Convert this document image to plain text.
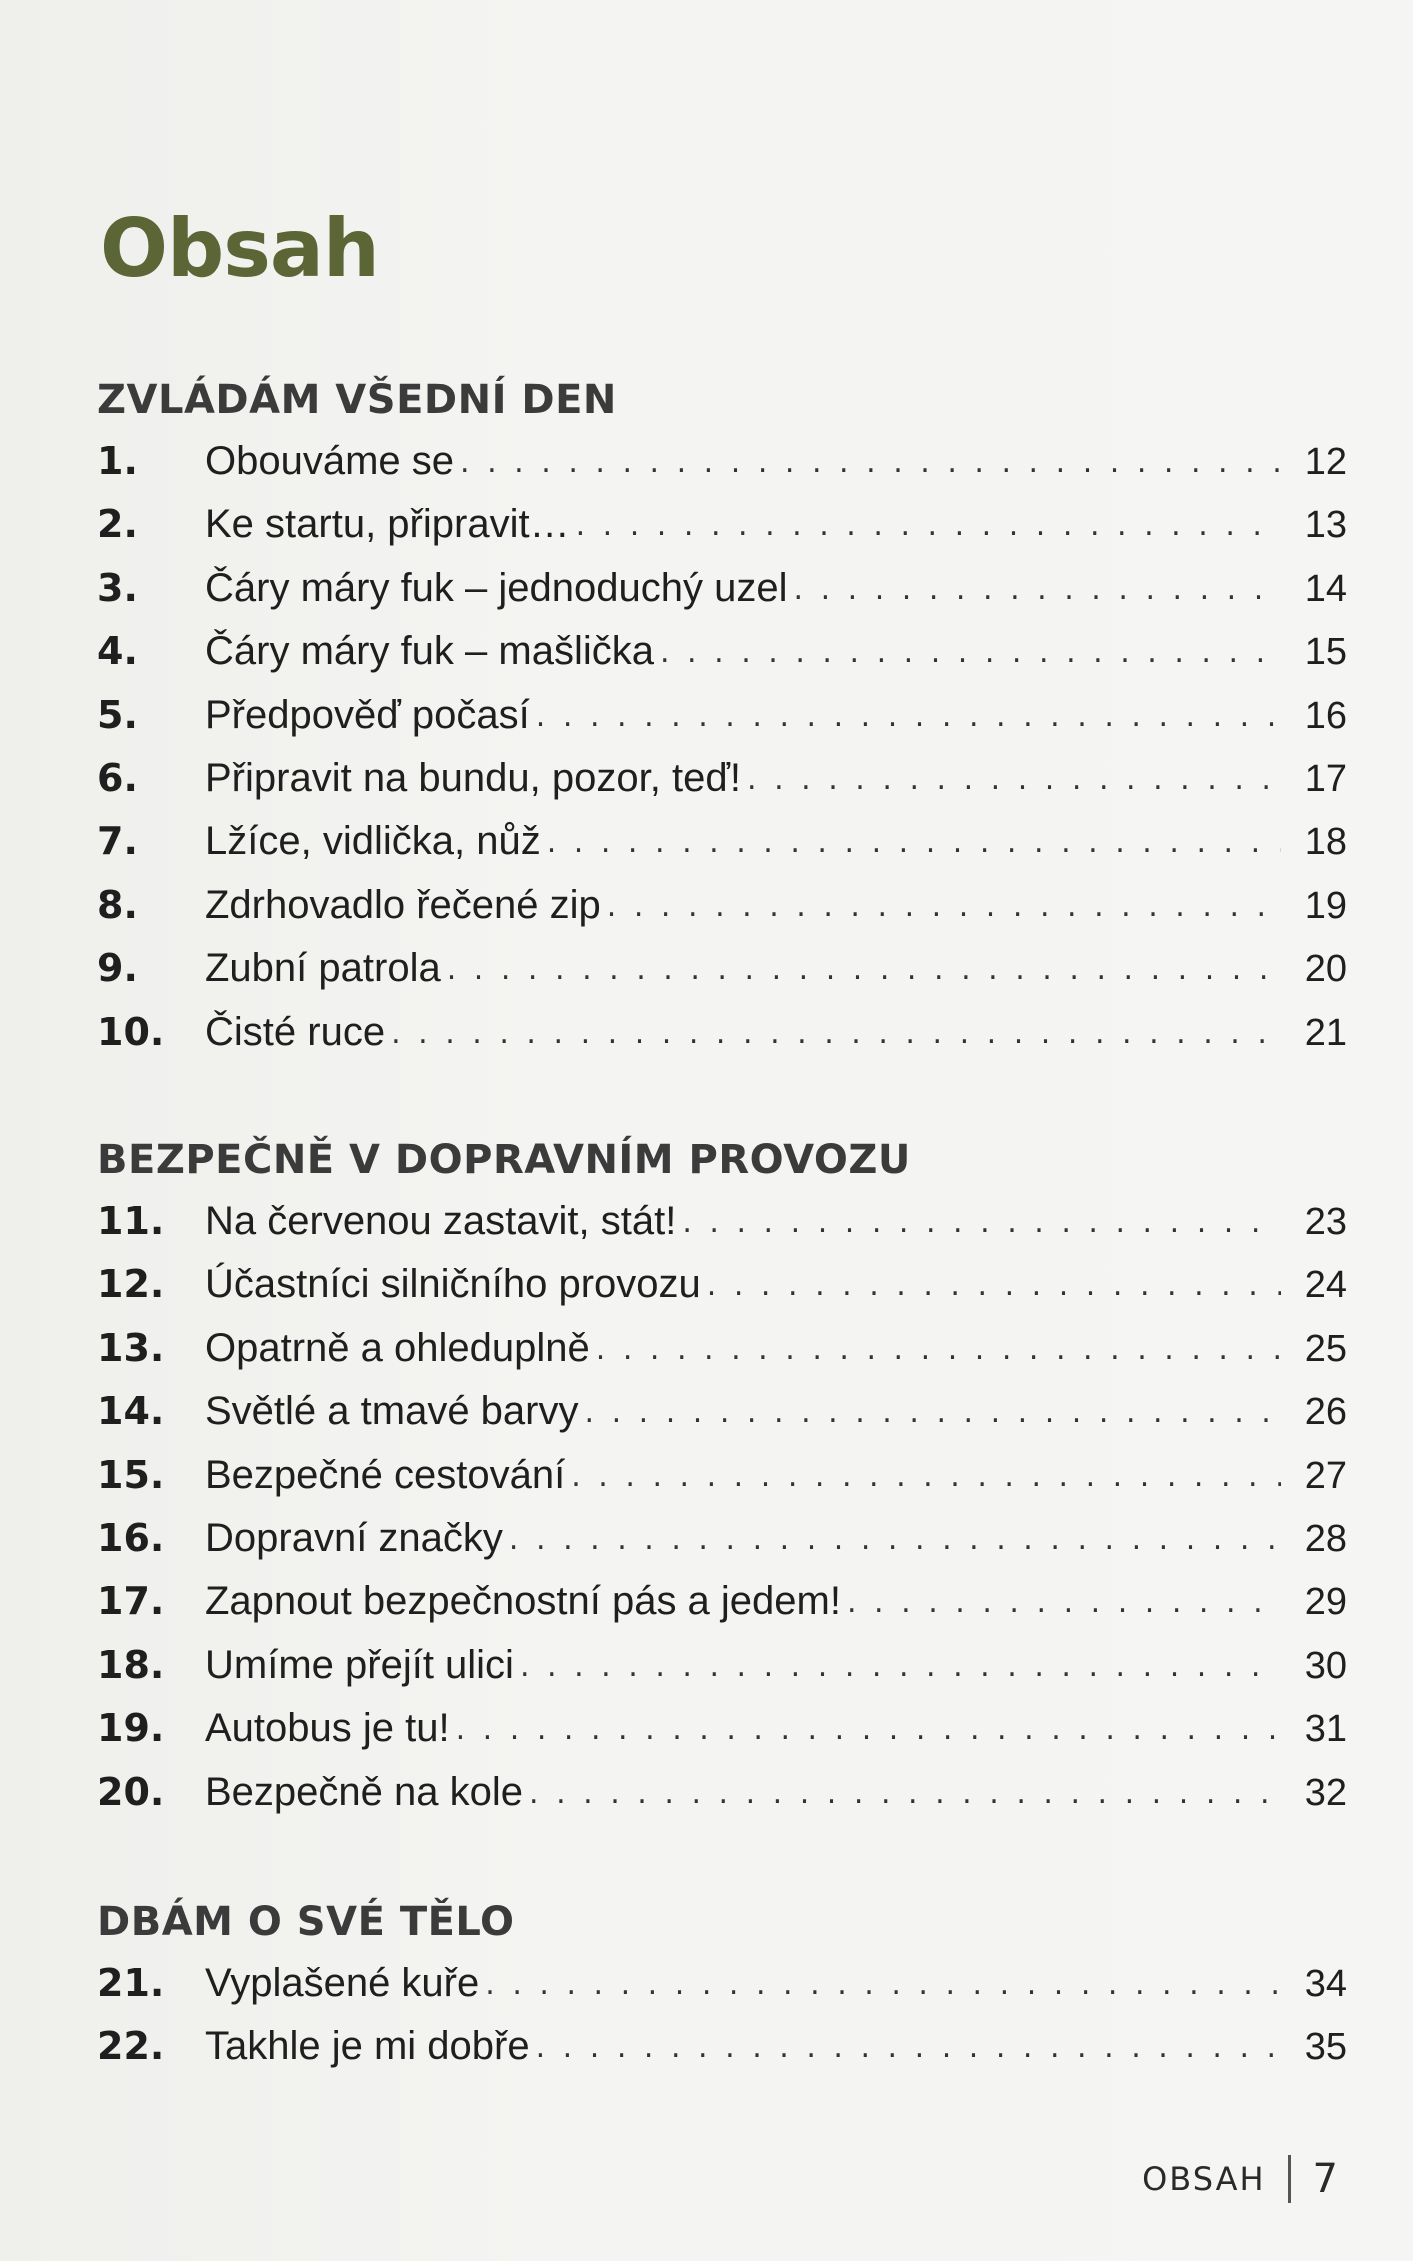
Obsah
ZVLÁDÁM VŠEDNÍ DEN
1.	Obouváme se . . .	12
2.	Ke startu, připravit… . . .	13
3.	Čáry máry fuk – jednoduchý uzel . . .	14
4.	Čáry máry fuk – mašlička . . .	15
5.	Předpověď počasí . . .	16
6.	Připravit na bundu, pozor, teď! . . .	17
7.	Lžíce, vidlička, nůž . . .	18
8.	Zdrhovadlo řečené zip . . .	19
9.	Zubní patrola . . .	20
10.	Čisté ruce . . .	21
BEZPEČNĚ V DOPRAVNÍM PROVOZU
11.	Na červenou zastavit, stát! . . .	23
12.	Účastníci silničního provozu . . .	24
13.	Opatrně a ohleduplně . . .	25
14.	Světlé a tmavé barvy . . .	26
15.	Bezpečné cestování . . .	27
16.	Dopravní značky . . .	28
17.	Zapnout bezpečnostní pás a jedem! . . .	29
18.	Umíme přejít ulici . . .	30
19.	Autobus je tu! . . .	31
20.	Bezpečně na kole . . .	32
DBÁM O SVÉ TĚLO
21.	Vyplašené kuře . . .	34
22.	Takhle je mi dobře . . .	35
OBSAH 7
